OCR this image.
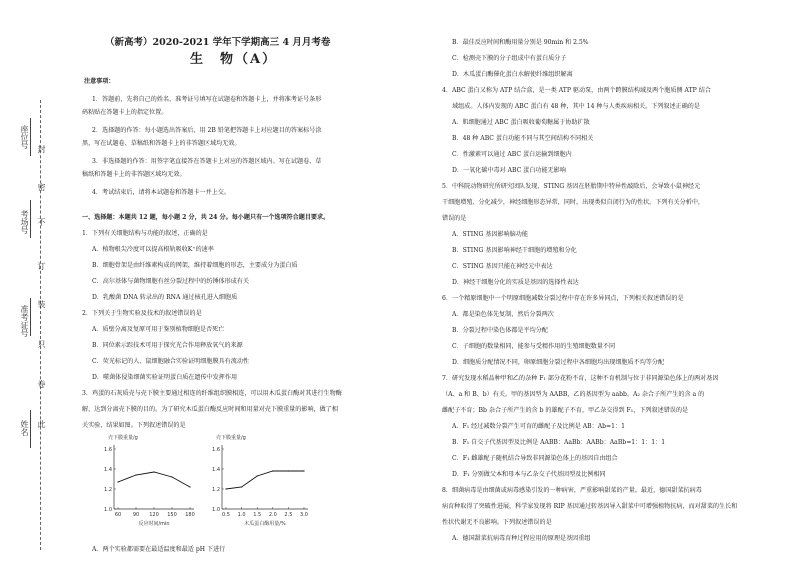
封
密
不
订
装
只
卷
此
座位号
考场号
准考证号
姓名
（新高考）2020-2021 学年下学期高三 4 月月考卷
生　物（A）
注意事项：
1．答题前，先将自己的姓名、准考证号填写在试题卷和答题卡上，并将准考证号条形
码粘贴在答题卡上的指定位置。
2．选择题的作答：每小题选出答案后，用 2B 铅笔把答题卡上对应题目的答案标号涂
黑，写在试题卷、草稿纸和答题卡上的非答题区域均无效。
3．非选择题的作答：用签字笔直接答在答题卡上对应的答题区域内。写在试题卷、草
稿纸和答题卡上的非答题区域均无效。
4．考试结束后，请将本试题卷和答题卡一并上交。
一、选择题：本题共 12 题，每小题 2 分，共 24 分。每小题只有一个选项符合题目要求。
1．下列有关细胞结构与功能的叙述，正确的是
A．植物根尖冷度可以提高根轨吸收K⁺的速率
B．细胞骨架是由纤维素构成的网架，维持着细胞的形态，主要成分为蛋白质
C．高尔基体与菌物细胞有丝分裂过程中的纺锤体形成有关
D．乳酸菌 DNA 转录出的 RNA 通过核孔进入细胞质
2．下列关于生物实验及技术的叙述错误的是
A．质壁分离及复原可用于鉴别植物细胞是否死亡
B．同位素示踪技术可用于探究光合作用释放氧气的来源
C．荧光标记的人、鼠细胞融合实验证明细胞膜具有流动性
D．噬菌体侵染细菌实验证明蛋白质在遗传中发挥作用
3．鸡蛋的石灰质壳与壳下膜主要通过相连的纤维组织膜相连，可以用木瓜蛋白酶对其进行生物酶
解，达到分离壳下膜的目的。为了研究木瓜蛋白酶反应时间和用量对壳下膜重量的影响，做了相
关实验，结果如图。下列叙述错误的是
壳下膜重量/g
1.0
1.2
1.4
1.6
60 90 120 150 180
反应时间/min
壳下膜重量/g
1.0
1.2
1.4
1.6
0.5 1.0 1.5 2.0 2.5 3.0
木瓜蛋白酶用量/%
A．两个实验都需要在最适温度和最适 pH 下进行
B．最佳反应时间和酶用量分别是 90min 和 2.5%
C．检测壳下膜的分子组成中有蛋白质分子
D．木瓜蛋白酶催化蛋白水解使纤维组织解离
4．ABC 蛋白又称为 ATP 结合盒，是一类 ATP 驱动泵，由两个跨膜结构域及两个胞质侧 ATP 结合
域组成。人体内发现的 ABC 蛋白有 48 种，其中 14 种与人类疾病相关。下列叙述正确的是
A．肌细胞通过 ABC 蛋白吸收葡萄糖属于协助扩散
B．48 种 ABC 蛋白功能不同与其空间结构不同相关
C．性激素可以通过 ABC 蛋白运输到细胞内
D．一氧化碳中毒对 ABC 蛋白功能无影响
5．中科院动物研究所研究团队发现，STING 基因在胚胎期中特异性敲除后，会导致小鼠神经元
干细胞增殖、分化减少，神经细胞形态异常，同时，出现类似自闭行为的性状。下列有关分析中，
错误的是
A．STING 基因影响脑功能
B．STING 基因影响神经干细胞的增殖和分化
C．STING 基因只能在神经元中表达
D．神经干细胞分化的实质是基因的选择性表达
6．一个精原细胞中一个明原细胞减数分裂过程中存在许多异同点，下列相关叙述错误的是
A．都是染色体先复制，然后分裂两次
B．分裂过程中染色体都是平均分配
C．子细胞的数量相同，能参与受精作用的生殖细胞数量不同
D．细胞质分配情况不同，卵原细胞分裂过程中各细胞均出现细胞质不均等分配
7．研究发现水稻品种甲和乙的杂种 F₁ 部分花粉不育，这种不育机制与位于非同源染色体上的两对基因
（A、a 和 B、b）有关。甲的基因型为 AABB，乙的基因型为 aabb。A₂ 杂合子所产生的含 a 的
雌配子不育；Bb 杂合子所产生的含 b 的雄配子不育，甲乙杂交得到 F₁，下列叙述错误的是
A．F₁ 经过减数分裂产生可育的雌配子及比例是 AB：Ab=1：1
B．F₁ 自交子代基因型及比例是 AABB：AaBb：AABb：AaBb=1：1：1：1
C．F₁ 雌雄配子随机结合导致非同源染色体上的基因自由组合
D．F₁ 分别做父本和母本与乙杂交子代基因型及比例相同
8．细菌病毒是由细菌或病毒感染引发的一种病害，严重影响甜菜的产量。最近，德国甜菜抗病毒
病育种取得了突破性进展，科学家发现将 RIP 基因通过转基因导入甜菜中可增强植物抗病，而对甜菜的生长和
性状代谢无不良影响。下列叙述错误的是
A．德国甜菜抗病毒育种过程应用的原理是基因重组
